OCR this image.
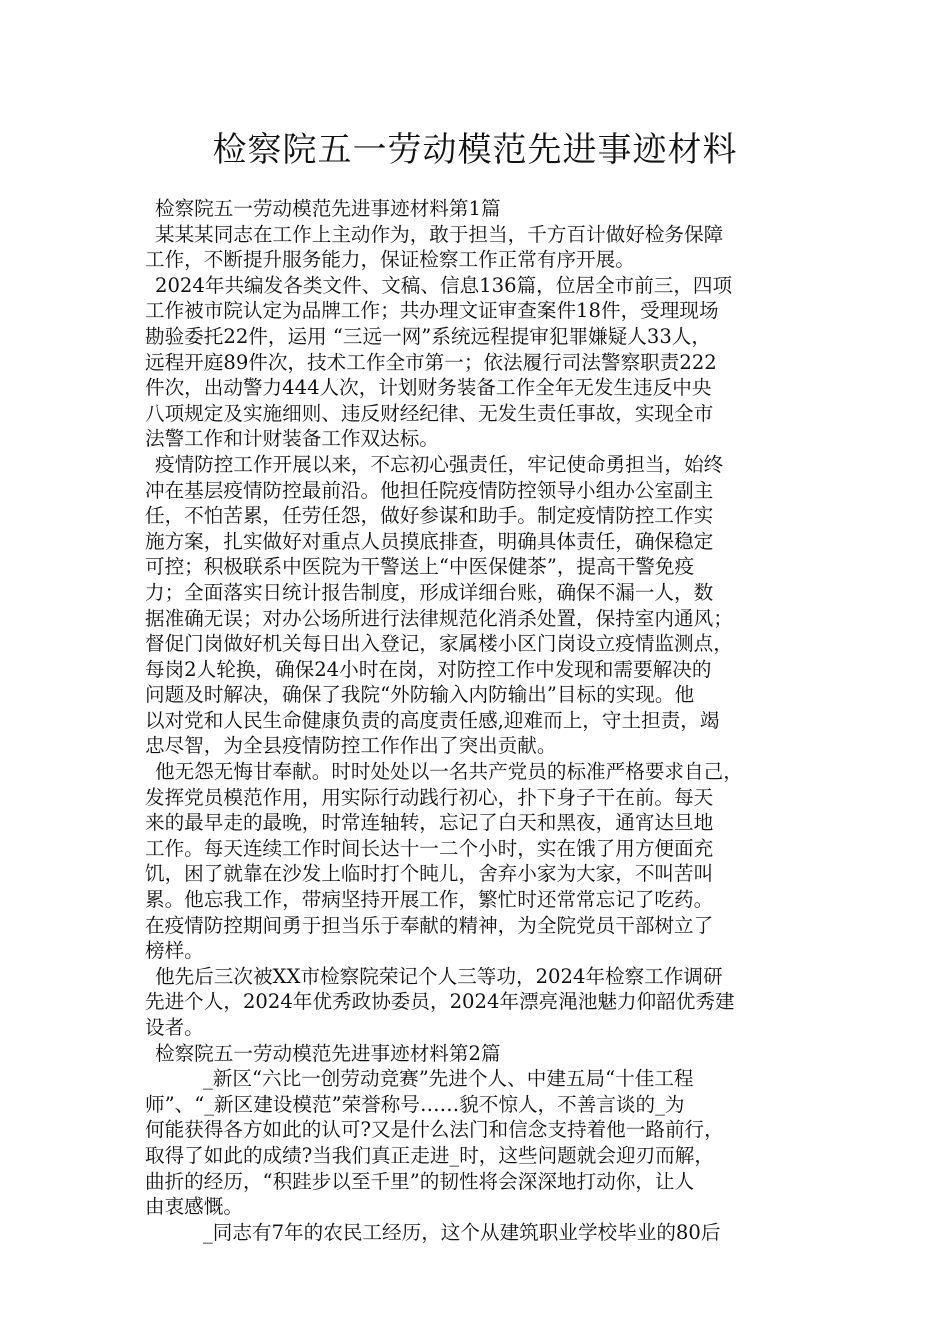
检察院五一劳动模范先进事迹材料
检察院五一劳动模范先进事迹材料第1篇
某某某同志在工作上主动作为，敢于担当，千方百计做好检务保障
工作，不断提升服务能力，保证检察工作正常有序开展。
2024年共编发各类文件、文稿、信息136篇，位居全市前三，四项
工作被市院认定为品牌工作；共办理文证审查案件18件，受理现场
勘验委托22件，运用 “三远一网”系统远程提审犯罪嫌疑人33人，
远程开庭89件次，技术工作全市第一；依法履行司法警察职责222
件次，出动警力444人次，计划财务装备工作全年无发生违反中央
八项规定及实施细则、违反财经纪律、无发生责任事故，实现全市
法警工作和计财装备工作双达标。
疫情防控工作开展以来，不忘初心强责任，牢记使命勇担当，始终
冲在基层疫情防控最前沿。他担任院疫情防控领导小组办公室副主
任，不怕苦累，任劳任怨，做好参谋和助手。制定疫情防控工作实
施方案，扎实做好对重点人员摸底排查，明确具体责任，确保稳定
可控；积极联系中医院为干警送上“中医保健茶”，提高干警免疫
力；全面落实日统计报告制度，形成详细台账，确保不漏一人，数
据准确无误；对办公场所进行法律规范化消杀处置，保持室内通风；
督促门岗做好机关每日出入登记，家属楼小区门岗设立疫情监测点，
每岗2人轮换，确保24小时在岗，对防控工作中发现和需要解决的
问题及时解决，确保了我院“外防输入内防输出”目标的实现。他
以对党和人民生命健康负责的高度责任感,迎难而上，守土担责，竭
忠尽智，为全县疫情防控工作作出了突出贡献。
他无怨无悔甘奉献。时时处处以一名共产党员的标准严格要求自己，
发挥党员模范作用，用实际行动践行初心，扑下身子干在前。每天
来的最早走的最晚，时常连轴转，忘记了白天和黑夜，通宵达旦地
工作。每天连续工作时间长达十一二个小时，实在饿了用方便面充
饥，困了就靠在沙发上临时打个盹儿，舍弃小家为大家，不叫苦叫
累。他忘我工作，带病坚持开展工作，繁忙时还常常忘记了吃药。
在疫情防控期间勇于担当乐于奉献的精神，为全院党员干部树立了
榜样。
他先后三次被XX市检察院荣记个人三等功，2024年检察工作调研
先进个人，2024年优秀政协委员，2024年漂亮渑池魅力仰韶优秀建
设者。
检察院五一劳动模范先进事迹材料第2篇
_新区“六比一创劳动竞赛”先进个人、中建五局“十佳工程
师”、“_新区建设模范”荣誉称号……貌不惊人，不善言谈的_为
何能获得各方如此的认可?又是什么法门和信念支持着他一路前行，
取得了如此的成绩?当我们真正走进_时，这些问题就会迎刃而解，
曲折的经历，“积跬步以至千里”的韧性将会深深地打动你，让人
由衷感慨。
_同志有7年的农民工经历，这个从建筑职业学校毕业的80后
